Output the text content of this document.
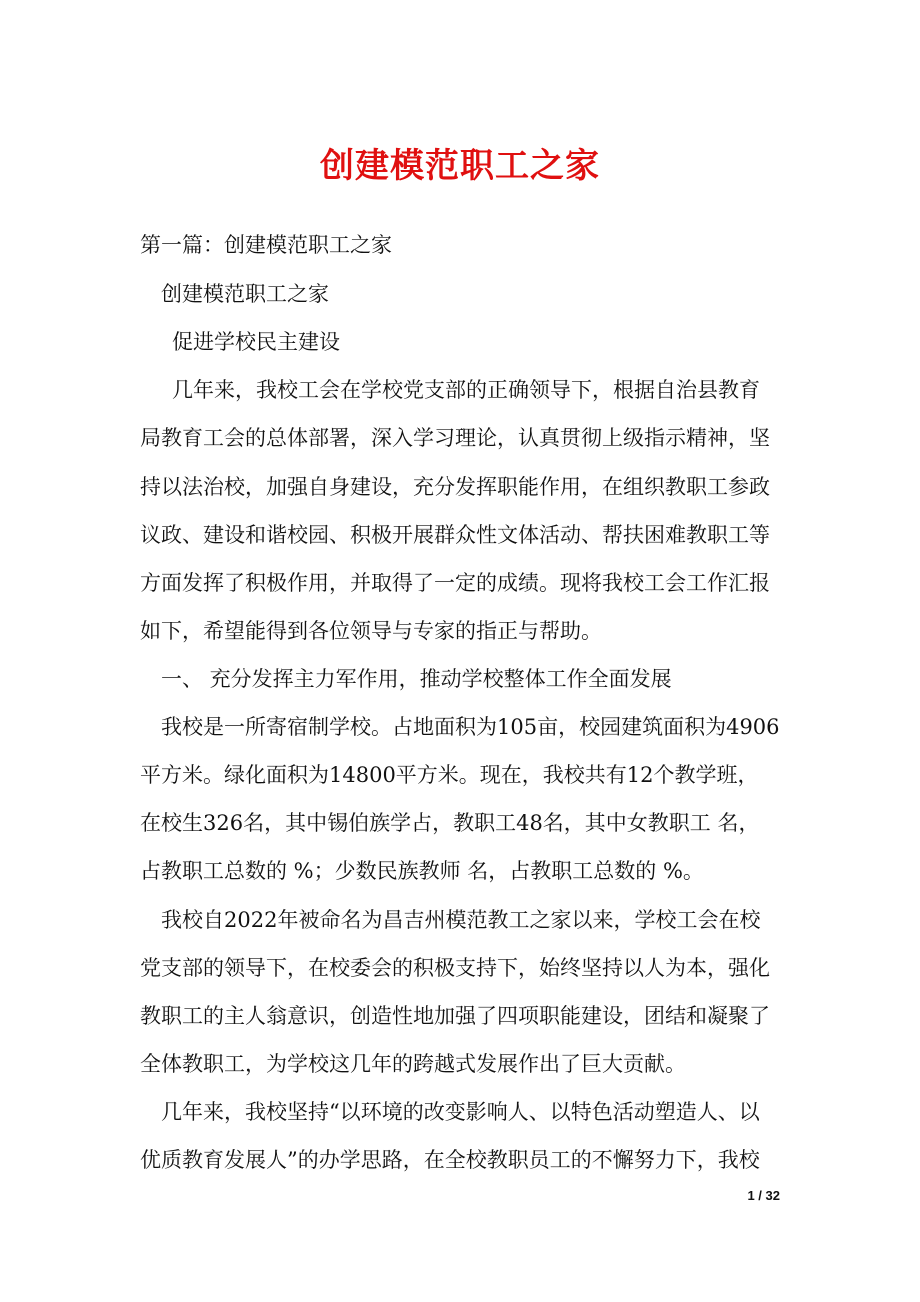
创建模范职工之家
第一篇：创建模范职工之家
创建模范职工之家
促进学校民主建设
几年来，我校工会在学校党支部的正确领导下，根据自治县教育
局教育工会的总体部署，深入学习理论，认真贯彻上级指示精神，坚
持以法治校，加强自身建设，充分发挥职能作用，在组织教职工参政
议政、建设和谐校园、积极开展群众性文体活动、帮扶困难教职工等
方面发挥了积极作用，并取得了一定的成绩。现将我校工会工作汇报
如下，希望能得到各位领导与专家的指正与帮助。
一、 充分发挥主力军作用，推动学校整体工作全面发展
我校是一所寄宿制学校。占地面积为105亩，校园建筑面积为4906
平方米。绿化面积为14800平方米。现在，我校共有12个教学班，
在校生326名，其中锡伯族学占，教职工48名，其中女教职工 名，
占教职工总数的 %；少数民族教师 名，占教职工总数的 %。
我校自2022年被命名为昌吉州模范教工之家以来，学校工会在校
党支部的领导下，在校委会的积极支持下，始终坚持以人为本，强化
教职工的主人翁意识，创造性地加强了四项职能建设，团结和凝聚了
全体教职工，为学校这几年的跨越式发展作出了巨大贡献。
几年来，我校坚持“以环境的改变影响人、以特色活动塑造人、以
优质教育发展人”的办学思路，在全校教职员工的不懈努力下，我校
1 / 32
